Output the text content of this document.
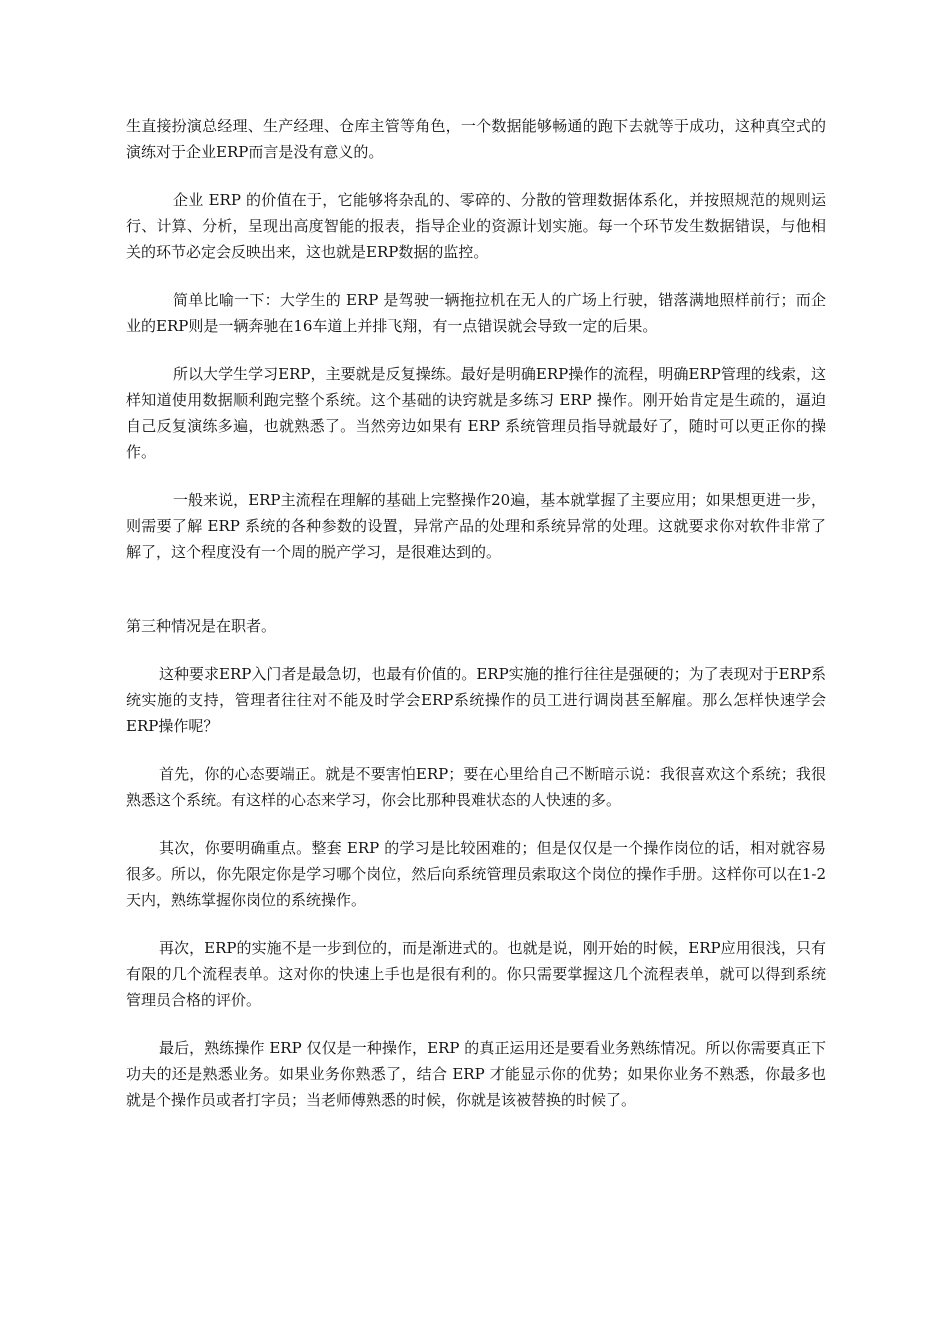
生直接扮演总经理、生产经理、仓库主管等角色，一个数据能够畅通的跑下去就等于成功，这种真空式的演练对于企业ERP而言是没有意义的。

企业 ERP 的价值在于，它能够将杂乱的、零碎的、分散的管理数据体系化，并按照规范的规则运行、计算、分析，呈现出高度智能的报表，指导企业的资源计划实施。每一个环节发生数据错误，与他相关的环节必定会反映出来，这也就是ERP数据的监控。

简单比喻一下：大学生的 ERP 是驾驶一辆拖拉机在无人的广场上行驶，错落满地照样前行；而企业的ERP则是一辆奔驰在16车道上并排飞翔，有一点错误就会导致一定的后果。

所以大学生学习ERP，主要就是反复操练。最好是明确ERP操作的流程，明确ERP管理的线索，这样知道使用数据顺利跑完整个系统。这个基础的诀窍就是多练习 ERP 操作。刚开始肯定是生疏的，逼迫自己反复演练多遍，也就熟悉了。当然旁边如果有 ERP 系统管理员指导就最好了，随时可以更正你的操作。

一般来说，ERP主流程在理解的基础上完整操作20遍，基本就掌握了主要应用；如果想更进一步，则需要了解 ERP 系统的各种参数的设置，异常产品的处理和系统异常的处理。这就要求你对软件非常了解了，这个程度没有一个周的脱产学习，是很难达到的。

第三种情况是在职者。

这种要求ERP入门者是最急切，也最有价值的。ERP实施的推行往往是强硬的；为了表现对于ERP系统实施的支持，管理者往往对不能及时学会ERP系统操作的员工进行调岗甚至解雇。那么怎样快速学会ERP操作呢？

首先，你的心态要端正。就是不要害怕ERP；要在心里给自己不断暗示说：我很喜欢这个系统；我很熟悉这个系统。有这样的心态来学习，你会比那种畏难状态的人快速的多。

其次，你要明确重点。整套 ERP 的学习是比较困难的；但是仅仅是一个操作岗位的话，相对就容易很多。所以，你先限定你是学习哪个岗位，然后向系统管理员索取这个岗位的操作手册。这样你可以在1-2天内，熟练掌握你岗位的系统操作。

再次，ERP的实施不是一步到位的，而是渐进式的。也就是说，刚开始的时候，ERP应用很浅，只有有限的几个流程表单。这对你的快速上手也是很有利的。你只需要掌握这几个流程表单，就可以得到系统管理员合格的评价。

最后，熟练操作 ERP 仅仅是一种操作，ERP 的真正运用还是要看业务熟练情况。所以你需要真正下功夫的还是熟悉业务。如果业务你熟悉了，结合 ERP 才能显示你的优势；如果你业务不熟悉，你最多也就是个操作员或者打字员；当老师傅熟悉的时候，你就是该被替换的时候了。
